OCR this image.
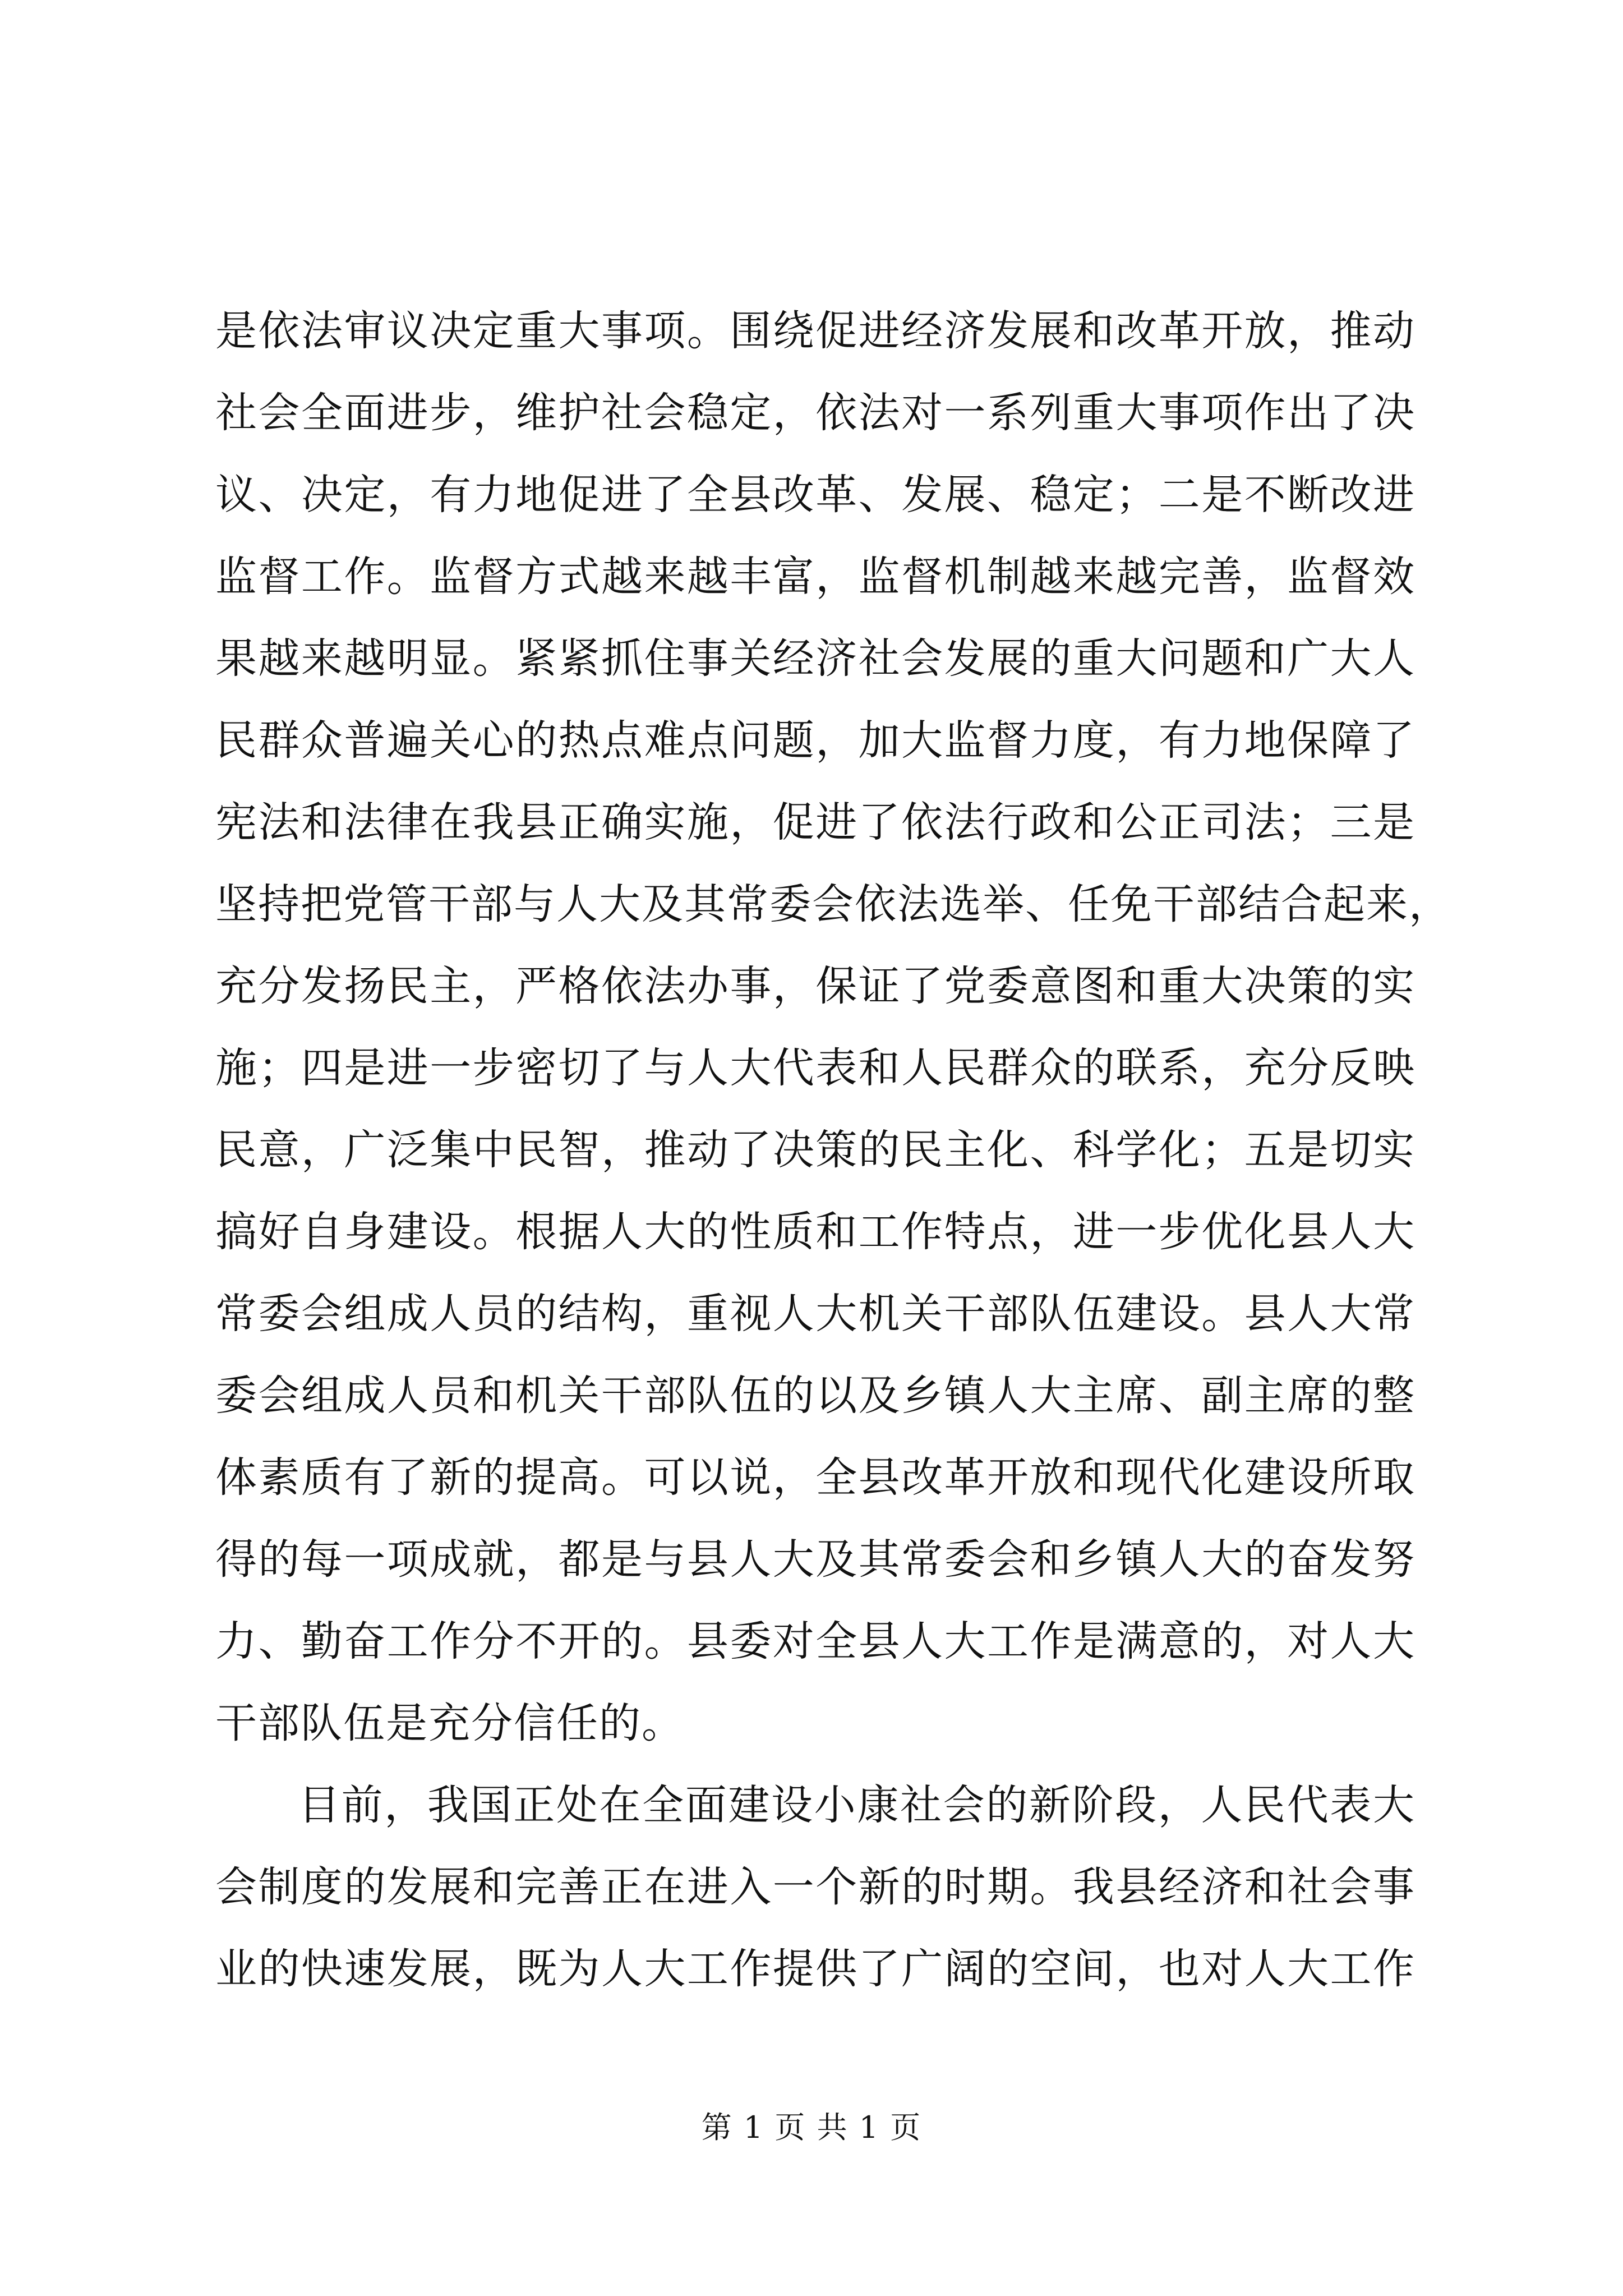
是依法审议决定重大事项。围绕促进经济发展和改革开放，推动
社会全面进步，维护社会稳定，依法对一系列重大事项作出了决
议、决定，有力地促进了全县改革、发展、稳定；二是不断改进
监督工作。监督方式越来越丰富，监督机制越来越完善，监督效
果越来越明显。紧紧抓住事关经济社会发展的重大问题和广大人
民群众普遍关心的热点难点问题，加大监督力度，有力地保障了
宪法和法律在我县正确实施，促进了依法行政和公正司法；三是
坚持把党管干部与人大及其常委会依法选举、任免干部结合起来，
充分发扬民主，严格依法办事，保证了党委意图和重大决策的实
施；四是进一步密切了与人大代表和人民群众的联系，充分反映
民意，广泛集中民智，推动了决策的民主化、科学化；五是切实
搞好自身建设。根据人大的性质和工作特点，进一步优化县人大
常委会组成人员的结构，重视人大机关干部队伍建设。县人大常
委会组成人员和机关干部队伍的以及乡镇人大主席、副主席的整
体素质有了新的提高。可以说，全县改革开放和现代化建设所取
得的每一项成就，都是与县人大及其常委会和乡镇人大的奋发努
力、勤奋工作分不开的。县委对全县人大工作是满意的，对人大
干部队伍是充分信任的。
目前，我国正处在全面建设小康社会的新阶段，人民代表大
会制度的发展和完善正在进入一个新的时期。我县经济和社会事
业的快速发展，既为人大工作提供了广阔的空间，也对人大工作
第 1 页 共 1 页
